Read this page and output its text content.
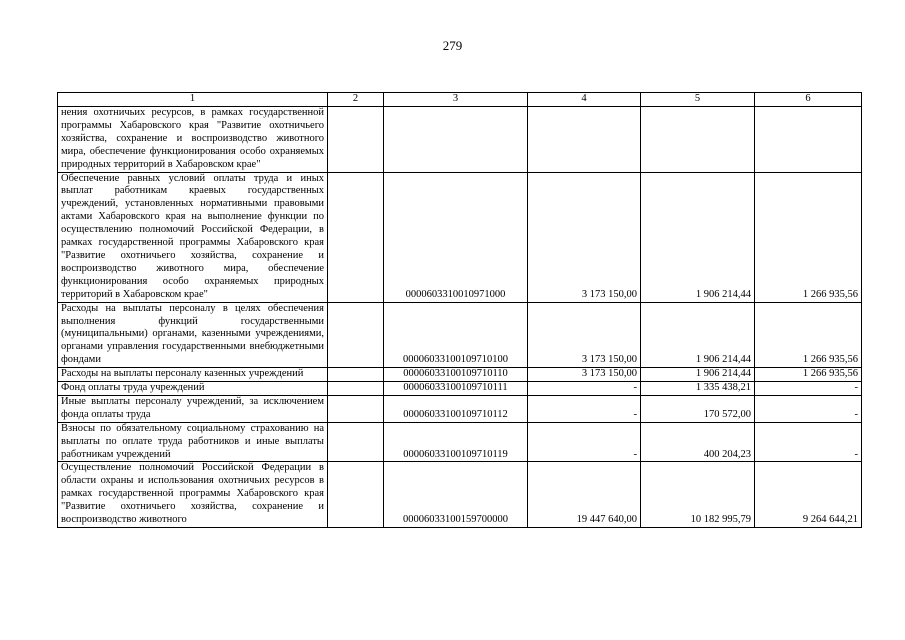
279
1	2	3	4	5	6
нения охотничьих ресурсов, в рамках государственной программы Хабаровского края "Развитие охотничьего хозяйства, сохранение и воспроизводство животного мира, обеспечение функционирования особо охраняемых природных территорий в Хабаровском крае"					
Обеспечение равных условий оплаты труда и иных выплат работникам краевых государственных учреждений, установленных нормативными правовыми актами Хабаровского края на выполнение функции по осуществлению полномочий Российской Федерации, в рамках государственной программы Хабаровского края "Развитие охотничьего хозяйства, сохранение и воспроизводство животного мира, обеспечение функционирования особо охраняемых природных территорий в Хабаровском крае"		0000603310010971000	3 173 150,00	1 906 214,44	1 266 935,56
Расходы на выплаты персоналу в целях обеспечения выполнения функций государственными (муниципальными) органами, казенными учреждениями, органами управления государственными внебюджетными фондами		00006033100109710100	3 173 150,00	1 906 214,44	1 266 935,56
Расходы на выплаты персоналу казенных учреждений		00006033100109710110	3 173 150,00	1 906 214,44	1 266 935,56
Фонд оплаты труда учреждений		00006033100109710111	-	1 335 438,21	-
Иные выплаты персоналу учреждений, за исключением фонда оплаты труда		00006033100109710112	-	170 572,00	-
Взносы по обязательному социальному страхованию на выплаты по оплате труда работников и иные выплаты работникам учреждений		00006033100109710119	-	400 204,23	-
Осуществление полномочий Российской Федерации в области охраны и использования охотничьих ресурсов в рамках государственной программы Хабаровского края "Развитие охотничьего хозяйства, сохранение и воспроизводство животного		00006033100159700000	19 447 640,00	10 182 995,79	9 264 644,21
